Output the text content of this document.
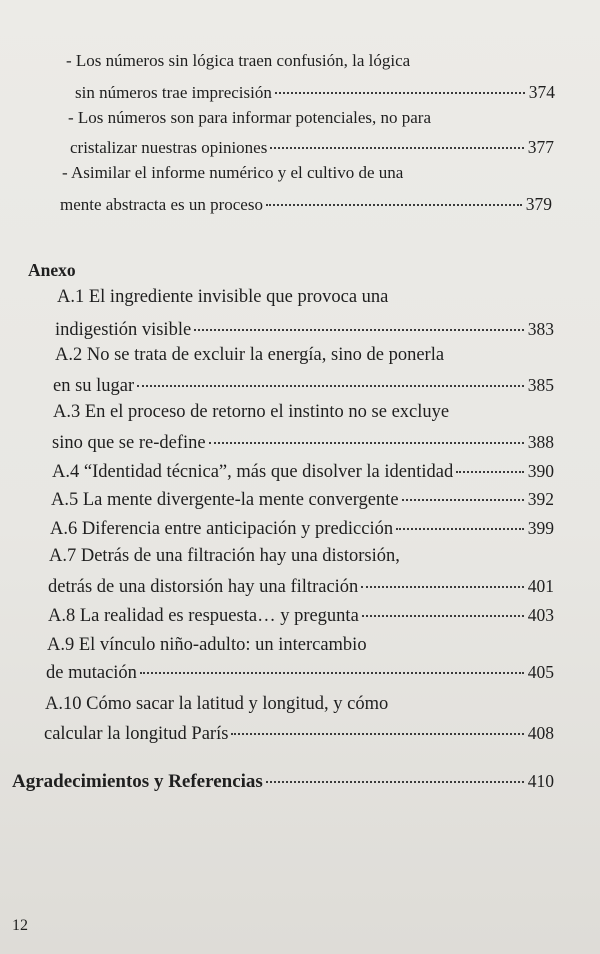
- Los números sin lógica traen confusión, la lógica
sin números trae imprecisión	374
- Los números son para informar potenciales, no para
cristalizar nuestras opiniones	377
- Asimilar el informe numérico y el cultivo de una
mente abstracta es un proceso	379
Anexo
A.1 El ingrediente invisible que provoca una
indigestión visible	383
A.2 No se trata de excluir la energía, sino de ponerla
en su lugar	385
A.3 En el proceso de retorno el instinto no se excluye
sino que se re-define	388
A.4 “Identidad técnica”, más que disolver la identidad	390
A.5 La mente divergente-la mente convergente	392
A.6 Diferencia entre anticipación y predicción	399
A.7 Detrás de una filtración hay una distorsión,
detrás de una distorsión hay una filtración	401
A.8 La realidad es respuesta… y pregunta	403
A.9 El vínculo niño-adulto: un intercambio
de mutación	405
A.10 Cómo sacar la latitud y longitud, y cómo
calcular la longitud París	408
Agradecimientos y Referencias	410
12
